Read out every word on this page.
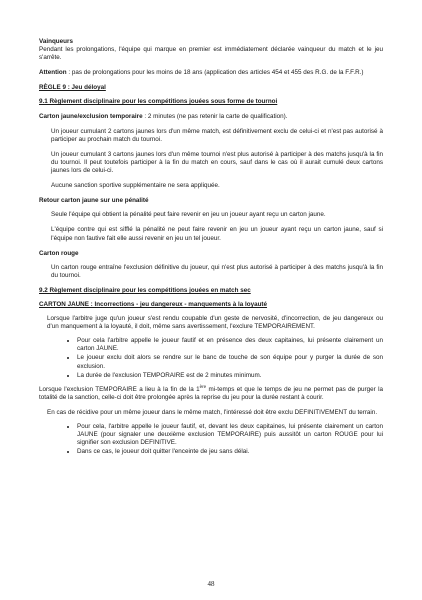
Vainqueurs

Pendant les prolongations, l'équipe qui marque en premier est immédiatement déclarée vainqueur du match et le jeu s'arrête.

Attention : pas de prolongations pour les moins de 18 ans (application des articles 454 et 455 des R.G. de la F.F.R.)

RÈGLE 9 : Jeu déloyal

9.1 Règlement disciplinaire pour les compétitions jouées sous forme de tournoi

Carton jaune/exclusion temporaire : 2 minutes (ne pas retenir la carte de qualification).

Un joueur cumulant 2 cartons jaunes lors d'un même match, est définitivement exclu de celui-ci et n'est pas autorisé à participer au prochain match du tournoi.

Un joueur cumulant 3 cartons jaunes lors d'un même tournoi n'est plus autorisé à participer à des matchs jusqu'à la fin du tournoi. Il peut toutefois participer à la fin du match en cours, sauf dans le cas où il aurait cumulé deux cartons jaunes lors de celui-ci.

Aucune sanction sportive supplémentaire ne sera appliquée.

Retour carton jaune sur une pénalité

Seule l'équipe qui obtient la pénalité peut faire revenir en jeu un joueur ayant reçu un carton jaune.

L'équipe contre qui est sifflé la pénalité ne peut faire revenir en jeu un joueur ayant reçu un carton jaune, sauf si l'équipe non fautive fait elle aussi revenir en jeu un tel joueur.

Carton rouge

Un carton rouge entraîne l'exclusion définitive du joueur, qui n'est plus autorisé à participer à des matchs jusqu'à la fin du tournoi.

9.2 Règlement disciplinaire pour les compétitions jouées en match sec

CARTON JAUNE : Incorrections - jeu dangereux - manquements à la loyauté

Lorsque l'arbitre juge qu'un joueur s'est rendu coupable d'un geste de nervosité, d'incorrection, de jeu dangereux ou d'un manquement à la loyauté, il doit, même sans avertissement, l'exclure TEMPORAIREMENT.

• Pour cela l'arbitre appelle le joueur fautif et en présence des deux capitaines, lui présente clairement un carton JAUNE.
• Le joueur exclu doit alors se rendre sur le banc de touche de son équipe pour y purger la durée de son exclusion.
• La durée de l'exclusion TEMPORAIRE est de 2 minutes minimum.

Lorsque l'exclusion TEMPORAIRE a lieu à la fin de la 1ère mi-temps et que le temps de jeu ne permet pas de purger la totalité de la sanction, celle-ci doit être prolongée après la reprise du jeu pour la durée restant à courir.

En cas de récidive pour un même joueur dans le même match, l'intéressé doit être exclu DEFINITIVEMENT du terrain.

• Pour cela, l'arbitre appelle le joueur fautif, et, devant les deux capitaines, lui présente clairement un carton JAUNE (pour signaler une deuxième exclusion TEMPORAIRE) puis aussitôt un carton ROUGE pour lui signifier son exclusion DEFINITIVE.
• Dans ce cas, le joueur doit quitter l'enceinte de jeu sans délai.
48
